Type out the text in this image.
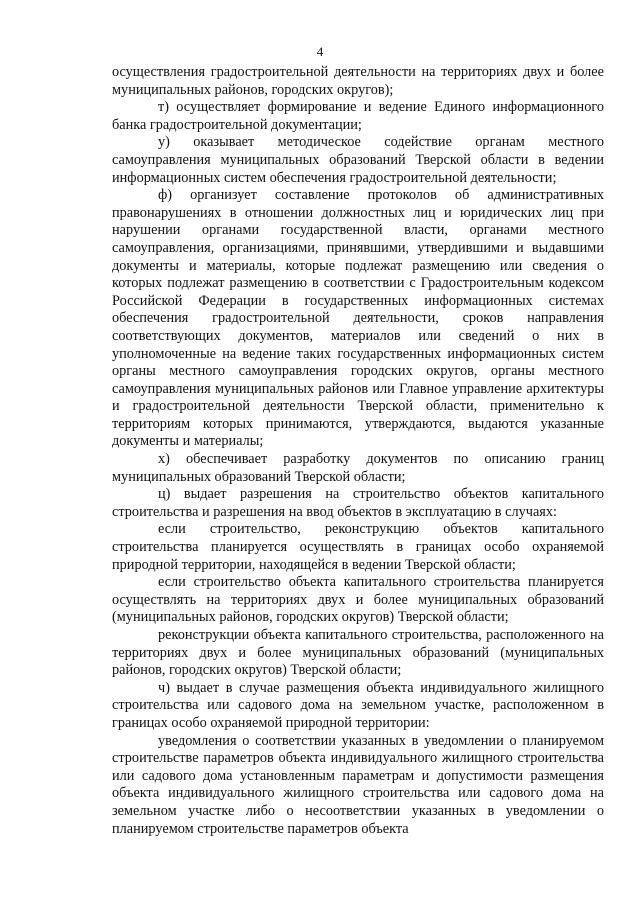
4

осуществления градостроительной деятельности на территориях двух и более муниципальных районов, городских округов);

т) осуществляет формирование и ведение Единого информационного банка градостроительной документации;

у) оказывает методическое содействие органам местного самоуправления муниципальных образований Тверской области в ведении информационных систем обеспечения градостроительной деятельности;

ф) организует составление протоколов об административных правонарушениях в отношении должностных лиц и юридических лиц при нарушении органами государственной власти, органами местного самоуправления, организациями, принявшими, утвердившими и выдавшими документы и материалы, которые подлежат размещению или сведения о которых подлежат размещению в соответствии с Градостроительным кодексом Российской Федерации в государственных информационных системах обеспечения градостроительной деятельности, сроков направления соответствующих документов, материалов или сведений о них в уполномоченные на ведение таких государственных информационных систем органы местного самоуправления городских округов, органы местного самоуправления муниципальных районов или Главное управление архитектуры и градостроительной деятельности Тверской области, применительно к территориям которых принимаются, утверждаются, выдаются указанные документы и материалы;

х) обеспечивает разработку документов по описанию границ муниципальных образований Тверской области;

ц) выдает разрешения на строительство объектов капитального строительства и разрешения на ввод объектов в эксплуатацию в случаях:

если строительство, реконструкцию объектов капитального строительства планируется осуществлять в границах особо охраняемой природной территории, находящейся в ведении Тверской области;

если строительство объекта капитального строительства планируется осуществлять на территориях двух и более муниципальных образований (муниципальных районов, городских округов) Тверской области;

реконструкции объекта капитального строительства, расположенного на территориях двух и более муниципальных образований (муниципальных районов, городских округов) Тверской области;

ч) выдает в случае размещения объекта индивидуального жилищного строительства или садового дома на земельном участке, расположенном в границах особо охраняемой природной территории:

уведомления о соответствии указанных в уведомлении о планируемом строительстве параметров объекта индивидуального жилищного строительства или садового дома установленным параметрам и допустимости размещения объекта индивидуального жилищного строительства или садового дома на земельном участке либо о несоответствии указанных в уведомлении о планируемом строительстве параметров объекта
